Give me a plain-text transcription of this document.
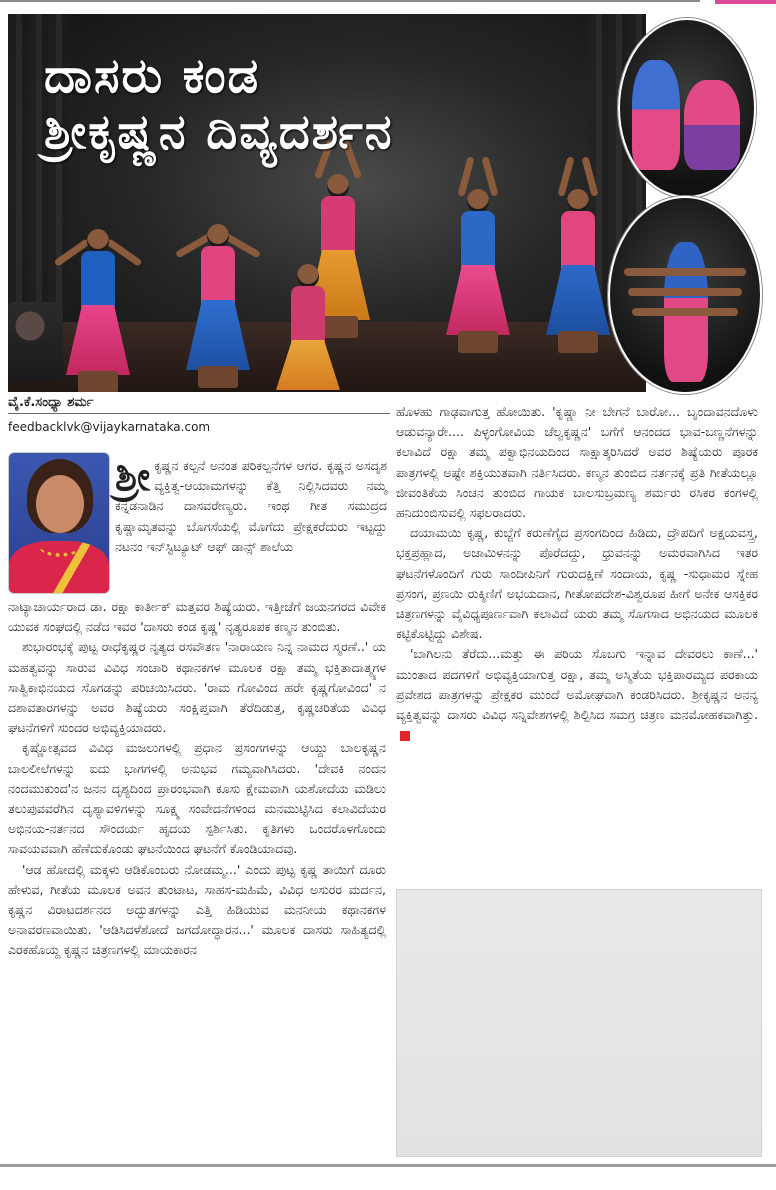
ದಾಸರು ಕಂಡ
ಶ್ರೀಕೃಷ್ಣನ ದಿವ್ಯದರ್ಶನ
ವೈ.ಕೆ.ಸಂಧ್ಯಾ ಶರ್ಮ
feedbacklvk@vijaykarnataka.com
ಶ್ರೀ ಕೃಷ್ಣನ ಕಲ್ಪನೆ ಅನಂತ ಪರಿಕಲ್ಪನೆಗಳ ಆಗರ. ಕೃಷ್ಣನ ಅಸದೃಶ ವ್ಯಕ್ತಿತ್ವ-ಆಯಾಮಗಳನ್ನು ಕೆತ್ತಿ ನಿಲ್ಲಿಸಿದವರು ನಮ್ಮ ಕನ್ನಡನಾಡಿನ ದಾಸವರೇಣ್ಯರು. ಇಂಥ ಗೀತ ಸಮುದ್ರದ ಕೃಷ್ಣಾಮೃತವನ್ನು ಬೊಗಸೆಯಲ್ಲಿ ಮೊಗೆದು ಪ್ರೇಕ್ಷಕರೆದುರು ಇಟ್ಟದ್ದು ನಟನಂ ಇನ್‌ಸ್ಟಿಟ್ಯೂಟ್ ಆಫ್ ಡಾನ್ಸ್ ಶಾಲೆಯ

ನಾಟ್ಯಾಚಾರ್ಯರಾದ ಡಾ. ರಕ್ಷಾ ಕಾರ್ತೀಕ್ ಮತ್ತವರ ಶಿಷ್ಯೆಯರು. ಇತ್ತೀಚೆಗೆ ಜಯನಗರದ ವಿವೇಕ ಯುವಕ ಸಂಘದಲ್ಲಿ ನಡೆದ ಇವರ 'ದಾಸರು ಕಂಡ ಕೃಷ್ಣ' ನೃತ್ಯರೂಪಕ ಕಣ್ಮನ ತುಂಬಿತು.

ಶುಭಾರಂಭಕ್ಕೆ ಪುಟ್ಟ ರಾಧೆಕೃಷ್ಣರ ನೃತ್ಯದ ರಸವೌತಣ 'ನಾರಾಯಣ ನಿನ್ನ ನಾಮದ ಸ್ಮರಣೆ..' ಯ ಮಹತ್ವವನ್ನು ಸಾರುವ ವಿವಿಧ ಸಂಚಾರಿ ಕಥಾನಕಗಳ ಮೂಲಕ ರಕ್ಷಾ ತಮ್ಮ ಭಕ್ತಿತಾದಾತ್ಮ್ಯಗಳ ಸಾತ್ವಿಕಾಭಿನಯದ ಸೊಗಡನ್ನು ಪರಿಚಯಿಸಿದರು. 'ರಾಮ ಗೋವಿಂದ ಹರೇ ಕೃಷ್ಣಗೋವಿಂದ' ನ ದಶಾವತಾರಗಳನ್ನು ಅವರ ಶಿಷ್ಯೆಯರು ಸಂಕ್ಷಿಪ್ತವಾಗಿ ತೆರೆದಿಡುತ್ತ, ಕೃಷ್ಣಚರಿತೆಯ ವಿವಿಧ ಘಟನೆಗಳಿಗೆ ಸುಂದರ ಅಭಿವ್ಯಕ್ತಿಯಾದರು.

ಕೃಷ್ಣೋತ್ಸವದ ವಿವಿಧ ಮಜಲುಗಳಲ್ಲಿ ಪ್ರಧಾನ ಪ್ರಸಂಗಗಳನ್ನು ಆಯ್ದು ಬಾಲಕೃಷ್ಣನ ಬಾಲಲೀಲೆಗಳನ್ನು ಐದು ಭಾಗಗಳಲ್ಲಿ ಅನುಭವ ಗಮ್ಯವಾಗಿಸಿದರು. 'ದೇವಕಿ ನಂದನ ನಂದಮುಕುಂದ'ನ ಜನನ ದೃಶ್ಯದಿಂದ ಪ್ರಾರಂಭವಾಗಿ ಕೂಸು ಕ್ಷೇಮವಾಗಿ ಯಶೋದೆಯ ಮಡಿಲು ತಲುಪುವವರೆಗಿನ ದೃಶ್ಯಾವಳಿಗಳನ್ನು ಸೂಕ್ಷ್ಮ ಸಂವೇದನೆಗಳಿಂದ ಮನಮುಟ್ಟಿಸಿದ ಕಲಾವಿದೆಯರ ಅಭಿನಯ-ನರ್ತನದ ಸೌಂದರ್ಯ ಹೃದಯ ಸ್ಪರ್ಶಿಸಿತು. ಕೃತಿಗಳು ಒಂದರೊಳಗೊಂದು ಸಾವಯವವಾಗಿ ಹೆಣೆದುಕೊಂಡು ಘಟನೆಯಿಂದ ಘಟನೆಗೆ ಕೊಂಡಿಯಾದವು.

'ಆಡ ಹೋದಲ್ಲಿ ಮಕ್ಕಳು ಆಡಿಕೊಂಬರು ನೋಡಮ್ಮ...' ಎಂದು ಪುಟ್ಟ ಕೃಷ್ಣ ತಾಯಿಗೆ ದೂರು ಹೇಳುವ, ಗೀತೆಯ ಮೂಲಕ ಅವನ ತುಂಟಾಟ, ಸಾಹಸ-ಮಹಿಮೆ, ವಿವಿಧ ಅಸುರರ ಮರ್ದನ, ಕೃಷ್ಣನ ವಿರಾಟದರ್ಶನದ ಅದ್ಭುತಗಳನ್ನು ಎತ್ತಿ ಹಿಡಿಯುವ ಮನನೀಯ ಕಥಾನಕಗಳ ಅನಾವರಣವಾಯಿತು. 'ಆಡಿಸಿದಳೆಶೋದೆ ಜಗದೋದ್ಧಾರನ...' ಮೂಲಕ ದಾಸರು ಸಾಹಿತ್ಯದಲ್ಲಿ ಎರಕಹೊಯ್ದ ಕೃಷ್ಣನ ಚಿತ್ರಣಗಳಲ್ಲಿ ಮಾಯಕಾರನ

ಹೊಳಹು ಗಾಢವಾಗುತ್ತ ಹೋಯಿತು. 'ಕೃಷ್ಣಾ ನೀ ಬೇಗನೆ ಬಾರೋ... ಬೃಂದಾವನದೊಳು ಆಡುವನ್ಯಾರೇ.... ಪಿಳ್ಳಂಗೋವಿಯ ಚೆಲ್ವಕೃಷ್ಣನ' ಬಗೆಗೆ ಆನಂದದ ಭಾವ-ಬಣ್ಣನೆಗಳನ್ನು ಕಲಾವಿದೆ ರಕ್ಷಾ ತಮ್ಮ ಪಕ್ವಾಭಿನಯದಿಂದ ಸಾಕ್ಷಾತ್ಕರಿಸಿದರೆ ಅವರ ಶಿಷ್ಯೆಯರು ಪೂರಕ ಪಾತ್ರಗಳಲ್ಲಿ ಅಷ್ಟೇ ಶಕ್ತಿಯುತವಾಗಿ ನರ್ತಿಸಿದರು. ಕಣ್ಮನ ತುಂಬಿದ ನರ್ತನಕ್ಕೆ ಪ್ರತಿ ಗೀತೆಯಲ್ಲೂ ಜೀವಂತಿಕೆಯ ಸಿಂಚನ ತುಂಬಿದ ಗಾಯಕ ಬಾಲಸುಬ್ರಮಣ್ಯ ಶರ್ಮರು ರಸಿಕರ ಕಂಗಳಲ್ಲಿ ಹನಿದುಂಬಿಸುವಲ್ಲಿ ಸಫಲರಾದರು.

ದಯಾಮಯಿ ಕೃಷ್ಣ, ಕುಬ್ಜೆಗೆ ಕರುಣೆಗೈದ ಪ್ರಸಂಗದಿಂದ ಹಿಡಿದು, ದ್ರೌಪದಿಗೆ ಅಕ್ಷಯವಸ್ತ್ರ, ಭಕ್ತಪ್ರಹ್ಲಾದ, ಅಜಾಮಿಳನನ್ನು ಪೊರೆದದ್ದು, ಧ್ರುವನನ್ನು ಅಮರವಾಗಿಸಿದ ಇತರ ಘಟನೆಗಳೊಂದಿಗೆ ಗುರು ಸಾಂದೀಪಿನಿಗೆ ಗುರುದಕ್ಷಿಣೆ ಸಂದಾಯ, ಕೃಷ್ಣ -ಸುಧಾಮರ ಸ್ನೇಹ ಪ್ರಸಂಗ, ಪ್ರಣಯಿ ರುಕ್ಮಿಣಿಗೆ ಅಭಯದಾನ, ಗೀತೋಪದೇಶ-ವಿಶ್ವರೂಪ ಹೀಗೆ ಅನೇಕ ಆಸಕ್ತಿಕರ ಚಿತ್ರಣಗಳನ್ನು ವೈವಿಧ್ಯಪೂರ್ಣವಾಗಿ ಕಲಾವಿದೆ ಯರು ತಮ್ಮ ಸೊಗಸಾದ ಅಭಿನಯದ ಮೂಲಕ ಕಟ್ಟಿಕೊಟ್ಟಿದ್ದು ವಿಶೇಷ.

'ಬಾಗಿಲನು ತೆರೆದು...ಮತ್ತು ಈ ಪರಿಯ ಸೊಬಗು ಇನ್ನಾವ ದೇವರಲು ಕಾಣೆ...' ಮುಂತಾದ ಪದಗಳಿಗೆ ಅಭಿವ್ಯಕ್ತಿಯಾಗುತ್ತ ರಕ್ಷಾ, ತಮ್ಮ ಅಸ್ಮಿತೆಯ ಭಕ್ತಿಪಾರಮ್ಯದ ಪರಕಾಯ ಪ್ರವೇಶದ ಪಾತ್ರಗಳನ್ನು ಪ್ರೇಕ್ಷಕರ ಮುಂದೆ ಅಮೋಘವಾಗಿ ಕಂಡರಿಸಿದರು. ಶ್ರೀಕೃಷ್ಣನ ಅನನ್ಯ ವ್ಯಕ್ತಿತ್ವವನ್ನು ದಾಸರು ವಿವಿಧ ಸನ್ನಿವೇಶಗಳಲ್ಲಿ ಶಿಲ್ಪಿಸಿದ ಸಮಗ್ರ ಚಿತ್ರಣ ಮನಮೋಹಕವಾಗಿತ್ತು.
